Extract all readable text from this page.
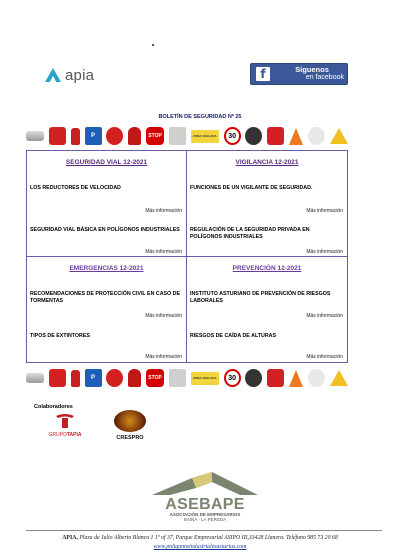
apia	f	Síguenos
en facebook
BOLETÍN DE SEGURIDAD Nº 25
P	STOP	ZONA VIGILADA	30
SEGURIDAD VIAL 12-2021
LOS REDUCTORES DE VELOCIDAD
Más información
SEGURIDAD VIAL BÁSICA EN POLÍGONOS INDUSTRIALES
Más información
VIGILANCIA 12-2021
FUNCIONES DE UN VIGILANTE DE SEGURIDAD.
Más información
REGULACIÓN DE LA SEGURIDAD PRIVADA EN POLÍGONOS INDUSTRIALES
Más información
EMERGENCIAS 12-2021
RECOMENDACIONES DE PROTECCIÓN CIVIL EN CASO DE TORMENTAS
Más información
TIPOS DE EXTINTORES
Más información
PREVENCIÓN 12-2021
INSTITUTO ASTURIANO DE PREVENCIÓN DE RIESGOS LABORALES
Más información
RIESGOS DE CAÍDA DE ALTURAS
Más información
P	STOP	ZONA VIGILADA	30
Colaboradores
GRUPOTAPIA	CRESPRO
ASEBAPE
ASOCIACIÓN DE EMPRESARIOS
BAIÑA · LA PEREDA
APIA, Plaza de Julio Alberto Blanco 1 1º of 37, Parque Empresarial ASIPO III,33428 Llanera. Teléfono 985 73 20 68
www.poligonosindustrialesasturias.com
